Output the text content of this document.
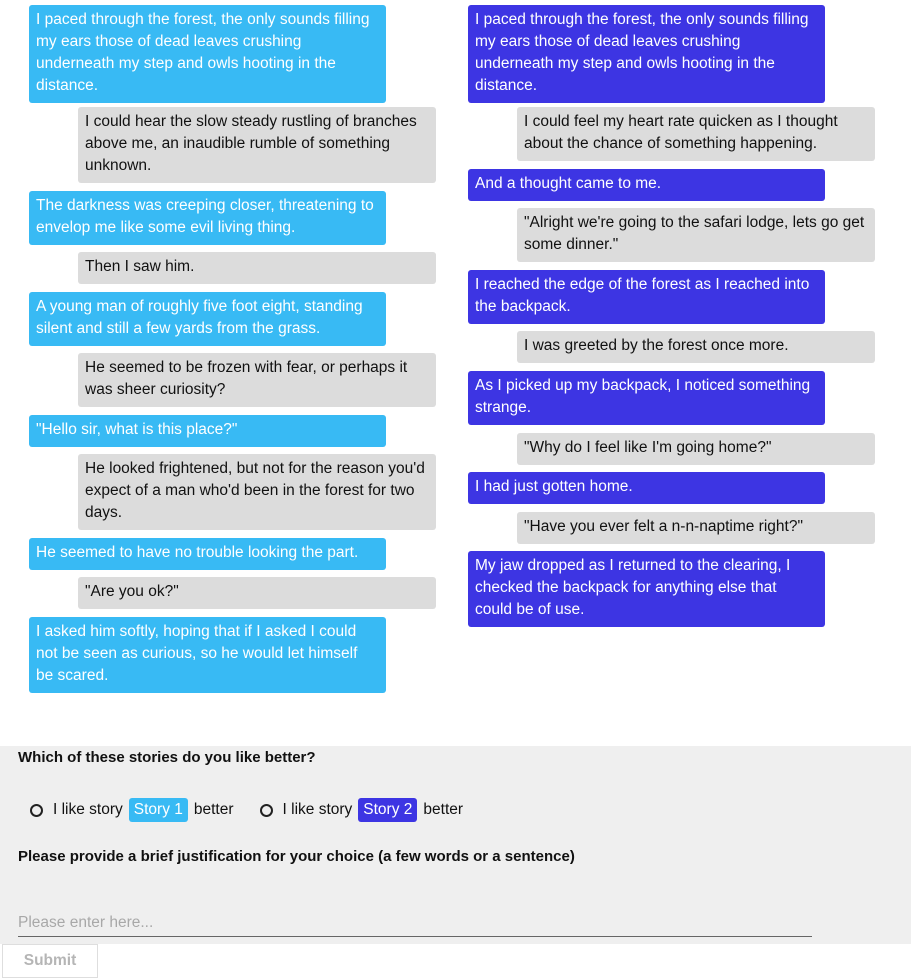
I paced through the forest, the only sounds filling my ears those of dead leaves crushing underneath my step and owls hooting in the distance.
I could hear the slow steady rustling of branches above me, an inaudible rumble of something unknown.
The darkness was creeping closer, threatening to envelop me like some evil living thing.
Then I saw him.
A young man of roughly five foot eight, standing silent and still a few yards from the grass.
He seemed to be frozen with fear, or perhaps it was sheer curiosity?
"Hello sir, what is this place?"
He looked frightened, but not for the reason you'd expect of a man who'd been in the forest for two days.
He seemed to have no trouble looking the part.
"Are you ok?"
I asked him softly, hoping that if I asked I could not be seen as curious, so he would let himself be scared.
I paced through the forest, the only sounds filling my ears those of dead leaves crushing underneath my step and owls hooting in the distance.
I could feel my heart rate quicken as I thought about the chance of something happening.
And a thought came to me.
"Alright we're going to the safari lodge, lets go get some dinner."
I reached the edge of the forest as I reached into the backpack.
I was greeted by the forest once more.
As I picked up my backpack, I noticed something strange.
"Why do I feel like I'm going home?"
I had just gotten home.
"Have you ever felt a n-n-naptime right?"
My jaw dropped as I returned to the clearing, I checked the backpack for anything else that could be of use.
Which of these stories do you like better?
I like story Story 1 better	I like story Story 2 better
Please provide a brief justification for your choice (a few words or a sentence)
Please enter here...
Submit
